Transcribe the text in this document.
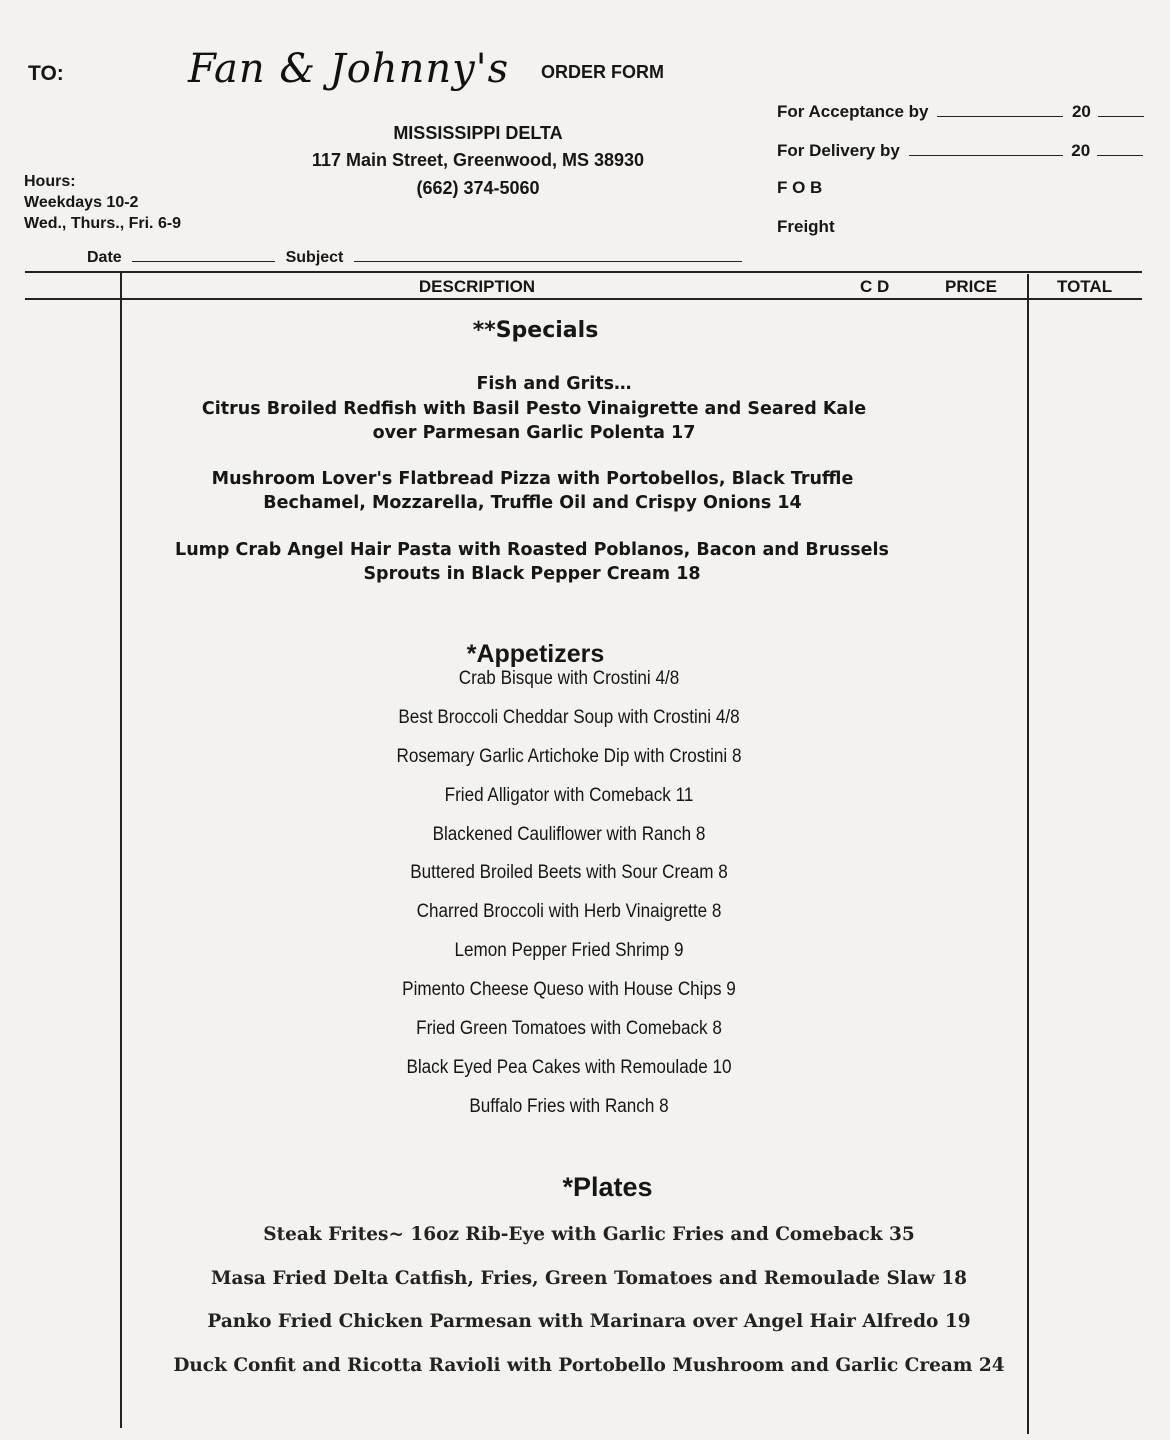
TO:	Fan & Johnny's ORDER FORM
MISSISSIPPI DELTA
117 Main Street, Greenwood, MS 38930
(662) 374-5060
Hours:
Weekdays 10-2
Wed., Thurs., Fri. 6-9
For Acceptance by	20
For Delivery by	20
F O B
Freight
Date	Subject
DESCRIPTION	C D	PRICE	TOTAL
**Specials
Fish and Grits…
Citrus Broiled Redfish with Basil Pesto Vinaigrette and Seared Kale over Parmesan Garlic Polenta 17
Mushroom Lover's Flatbread Pizza with Portobellos, Black Truffle Bechamel, Mozzarella, Truffle Oil and Crispy Onions 14
Lump Crab Angel Hair Pasta with Roasted Poblanos, Bacon and Brussels Sprouts in Black Pepper Cream 18
*Appetizers
Crab Bisque with Crostini 4/8
Best Broccoli Cheddar Soup with Crostini 4/8
Rosemary Garlic Artichoke Dip with Crostini 8
Fried Alligator with Comeback 11
Blackened Cauliflower with Ranch 8
Buttered Broiled Beets with Sour Cream 8
Charred Broccoli with Herb Vinaigrette 8
Lemon Pepper Fried Shrimp 9
Pimento Cheese Queso with House Chips 9
Fried Green Tomatoes with Comeback 8
Black Eyed Pea Cakes with Remoulade 10
Buffalo Fries with Ranch 8
*Plates
Steak Frites~ 16oz Rib-Eye with Garlic Fries and Comeback 35
Masa Fried Delta Catfish, Fries, Green Tomatoes and Remoulade Slaw 18
Panko Fried Chicken Parmesan with Marinara over Angel Hair Alfredo 19
Duck Confit and Ricotta Ravioli with Portobello Mushroom and Garlic Cream 24
